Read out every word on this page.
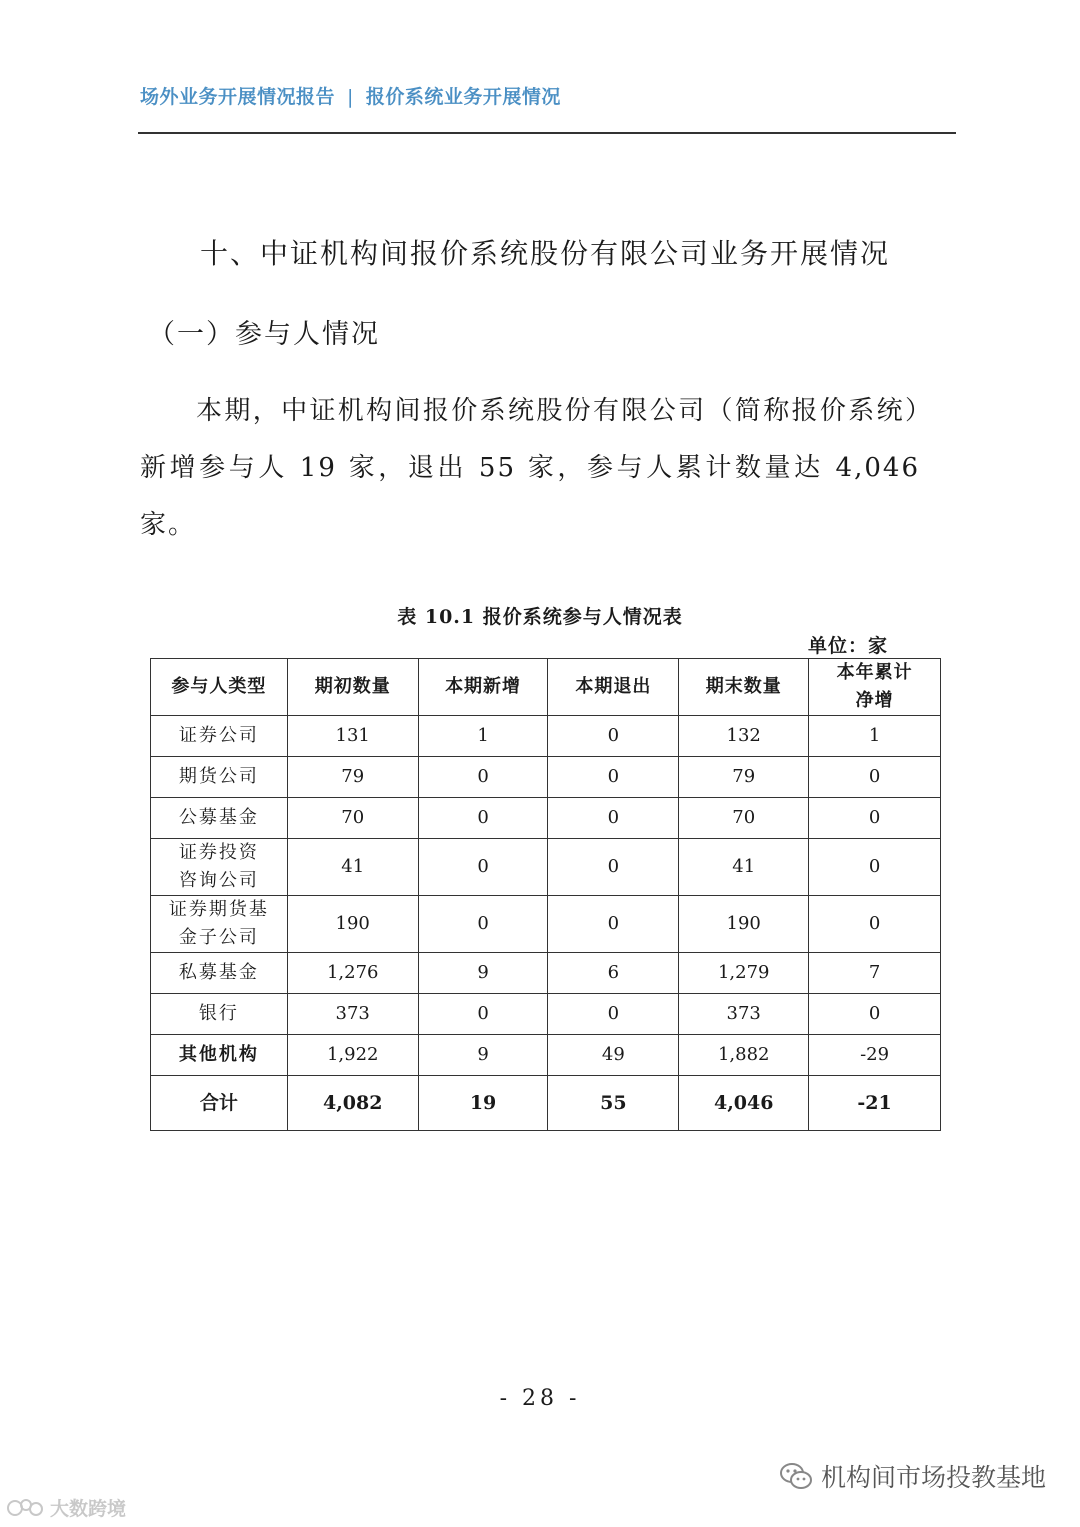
场外业务开展情况报告 | 报价系统业务开展情况
十、中证机构间报价系统股份有限公司业务开展情况
（一）参与人情况
本期，中证机构间报价系统股份有限公司（简称报价系统）新增参与人 19 家，退出 55 家，参与人累计数量达 4,046 家。
表 10.1 报价系统参与人情况表
单位：家
参与人类型	期初数量	本期新增	本期退出	期末数量	本年累计
净增
证券公司	131	1	0	132	1
期货公司	79	0	0	79	0
公募基金	70	0	0	70	0
证券投资
咨询公司	41	0	0	41	0
证券期货基
金子公司	190	0	0	190	0
私募基金	1,276	9	6	1,279	7
银行	373	0	0	373	0
其他机构	1,922	9	49	1,882	-29
合计	4,082	19	55	4,046	-21
- 28 -
机构间市场投教基地
大数跨境
